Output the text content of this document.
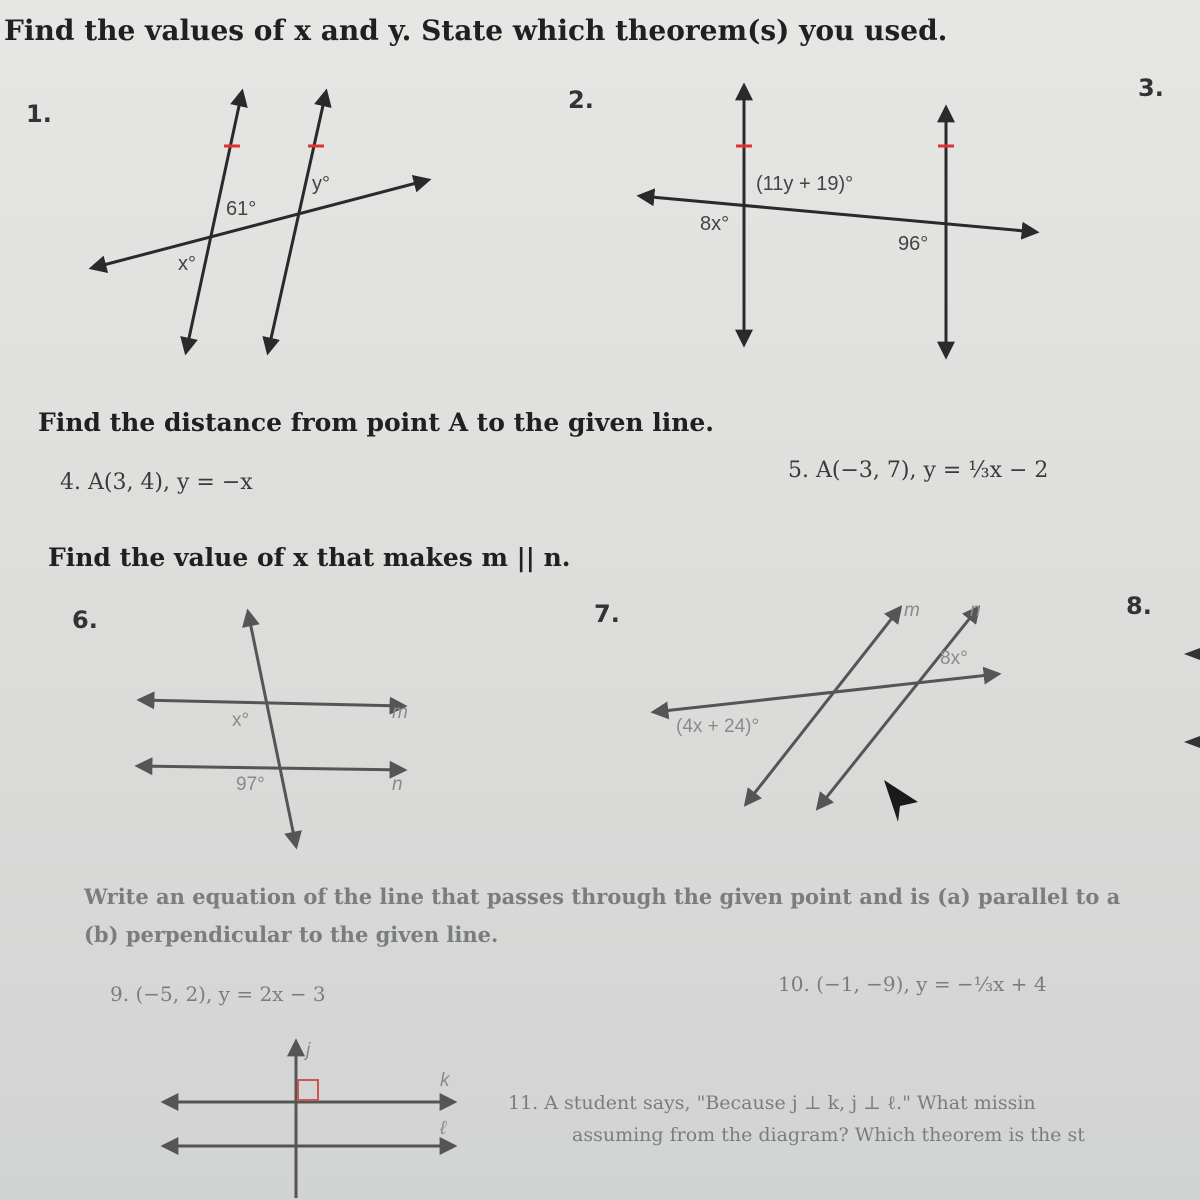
Find the values of x and y. State which theorem(s) you used.
1.	2.	3.
Find the distance from point A to the given line.
4. A(3, 4), y = −x	5. A(−3, 7), y = ⅓x − 2
Find the value of x that makes m || n.
6.	7.	8.
Write an equation of the line that passes through the given point and is (a) parallel to a
(b) perpendicular to the given line.
9. (−5, 2), y = 2x − 3	10. (−1, −9), y = −⅓x + 4
11. A student says, "Because j ⊥ k, j ⊥ ℓ." What missin
assuming from the diagram? Which theorem is the st
61°
y°
x°
(11y + 19)°
8x°
96°
x°
97°
m
n
m	n
(4x + 24)°
8x°
j
k
ℓ
